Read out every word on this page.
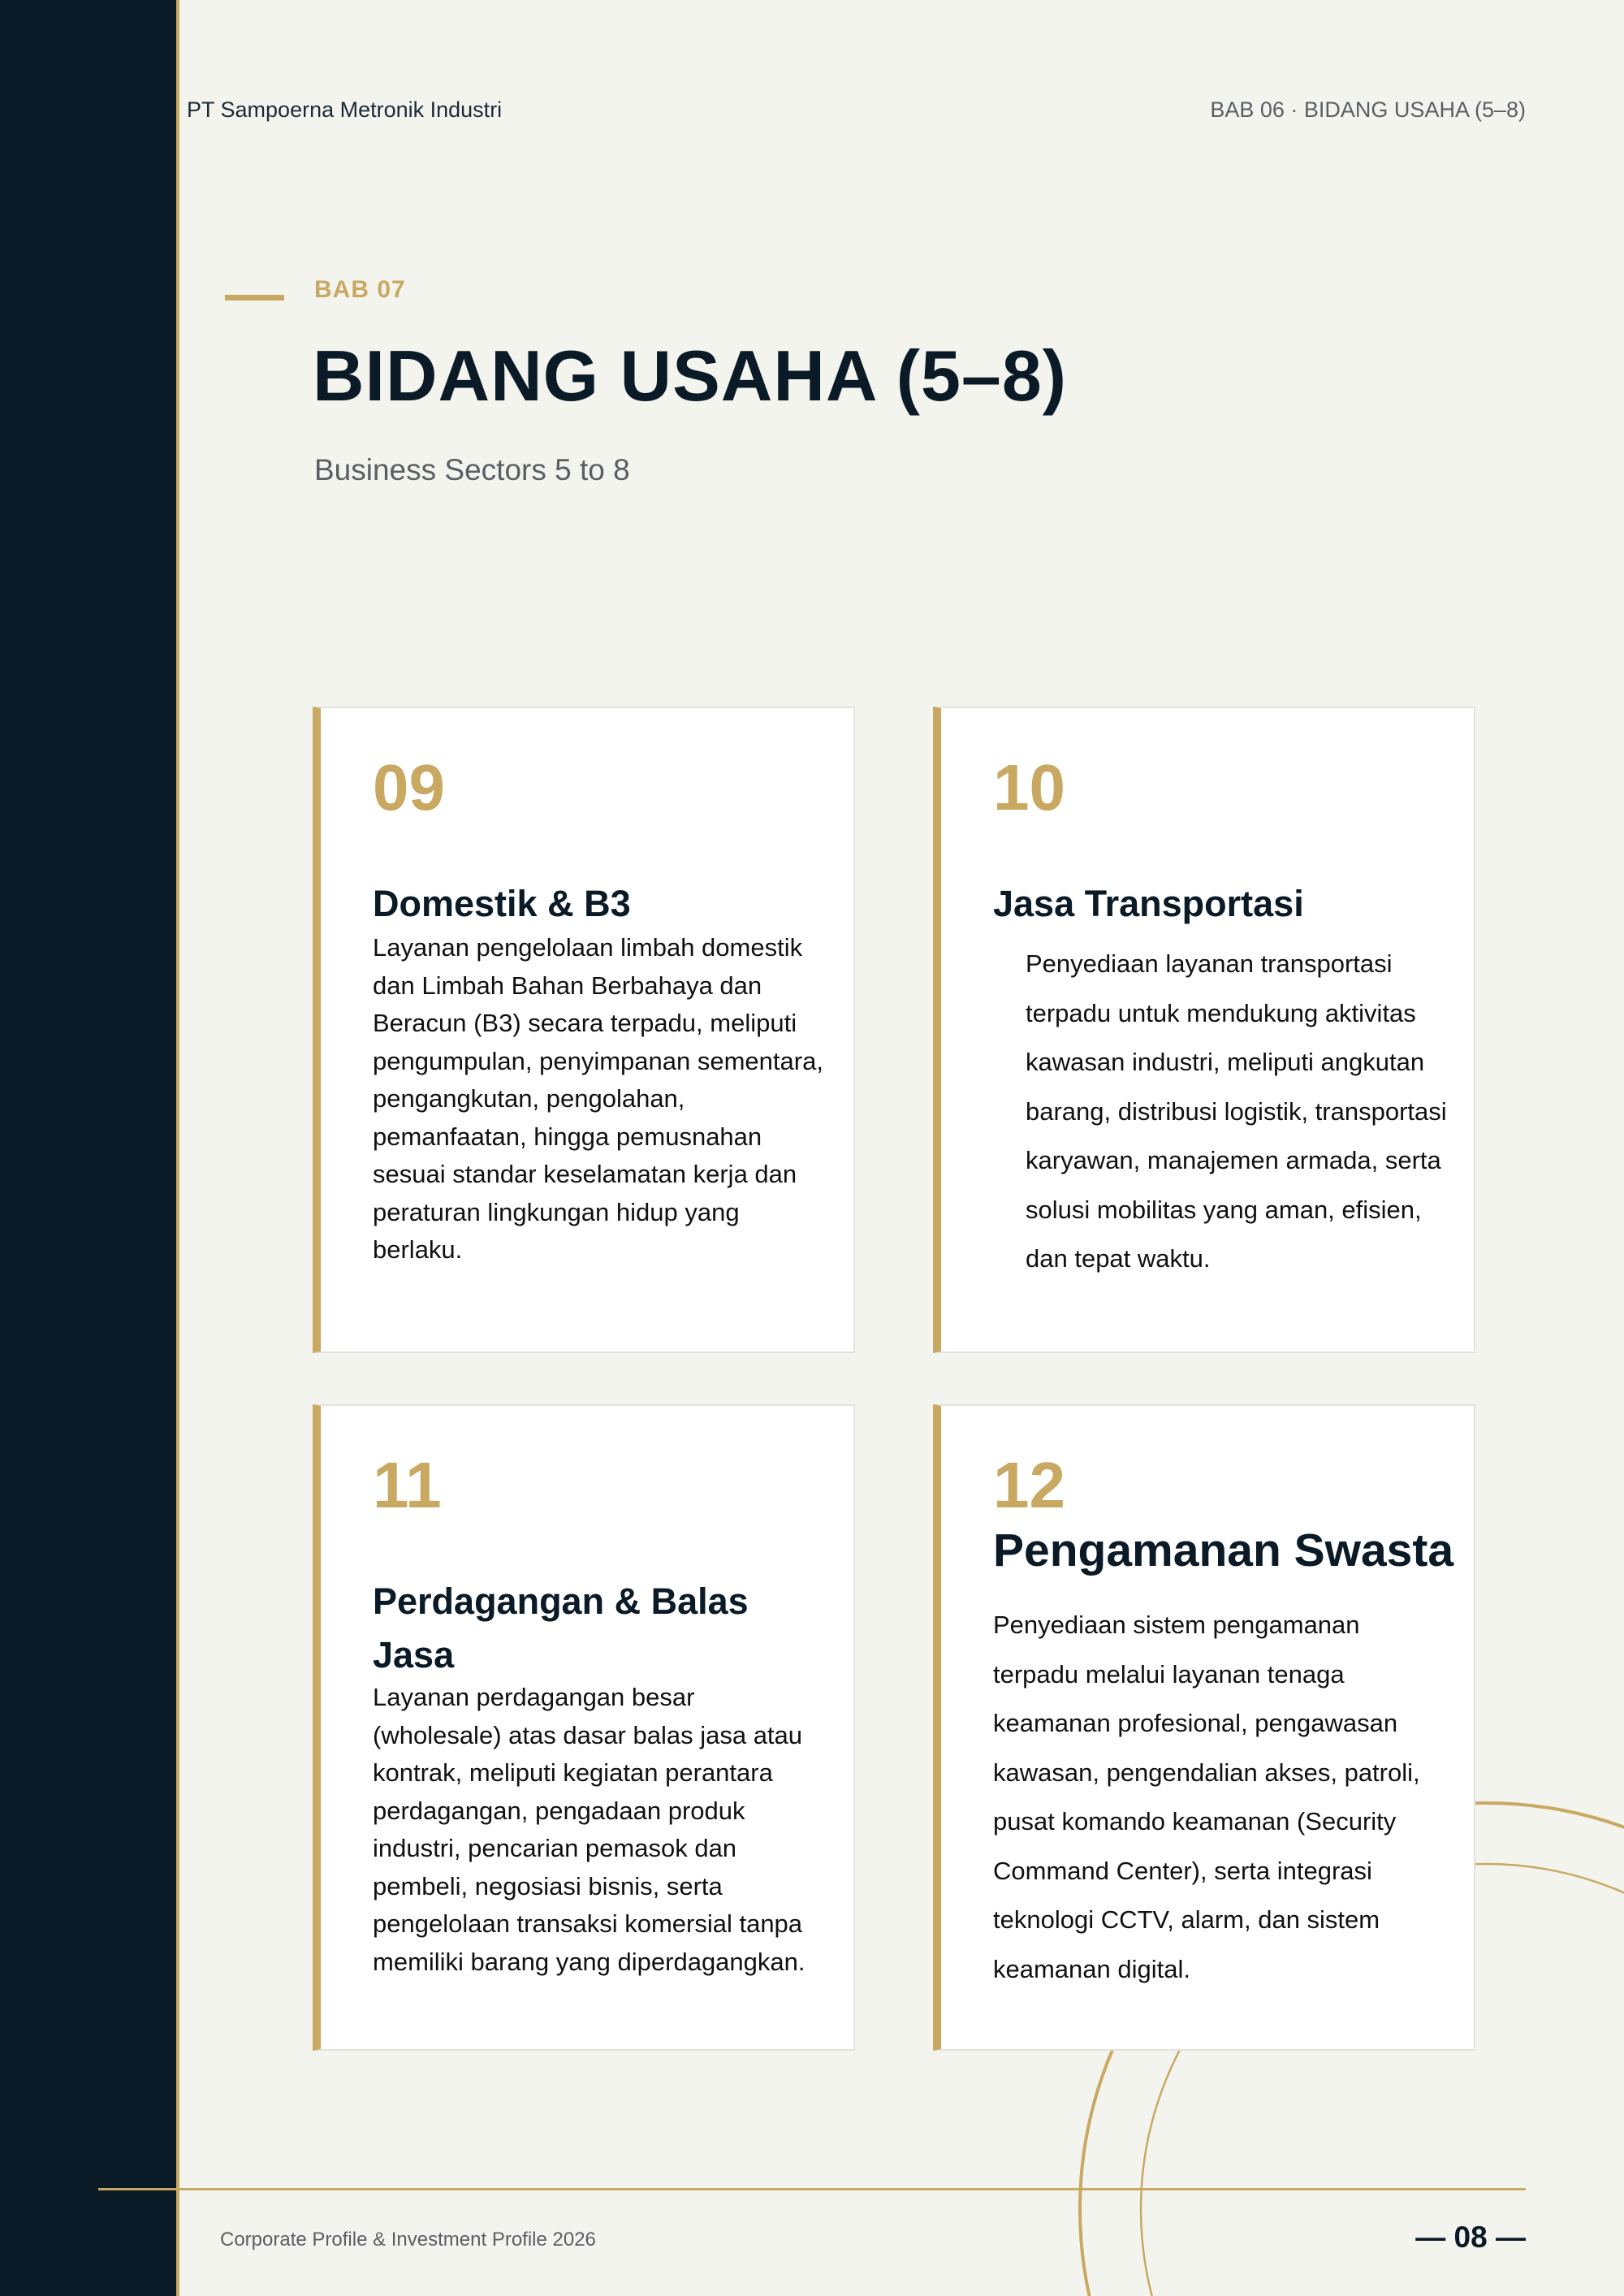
PT Sampoerna Metronik Industri	BAB 06 · BIDANG USAHA (5–8)
BAB 07
BIDANG USAHA (5–8)
Business Sectors 5 to 8
09
Domestik & B3

Layanan pengelolaan limbah domestik dan Limbah Bahan Berbahaya dan Beracun (B3) secara terpadu, meliputi pengumpulan, penyimpanan sementara, pengangkutan, pengolahan, pemanfaatan, hingga pemusnahan sesuai standar keselamatan kerja dan peraturan lingkungan hidup yang berlaku.

10
Jasa Transportasi

Penyediaan layanan transportasi terpadu untuk mendukung aktivitas kawasan industri, meliputi angkutan barang, distribusi logistik, transportasi karyawan, manajemen armada, serta solusi mobilitas yang aman, efisien, dan tepat waktu.

11
Perdagangan & Balas Jasa

Layanan perdagangan besar (wholesale) atas dasar balas jasa atau kontrak, meliputi kegiatan perantara perdagangan, pengadaan produk industri, pencarian pemasok dan pembeli, negosiasi bisnis, serta pengelolaan transaksi komersial tanpa memiliki barang yang diperdagangkan.

12
Pengamanan Swasta

Penyediaan sistem pengamanan terpadu melalui layanan tenaga keamanan profesional, pengawasan kawasan, pengendalian akses, patroli, pusat komando keamanan (Security Command Center), serta integrasi teknologi CCTV, alarm, dan sistem keamanan digital.

Corporate Profile & Investment Profile 2026	— 08 —
